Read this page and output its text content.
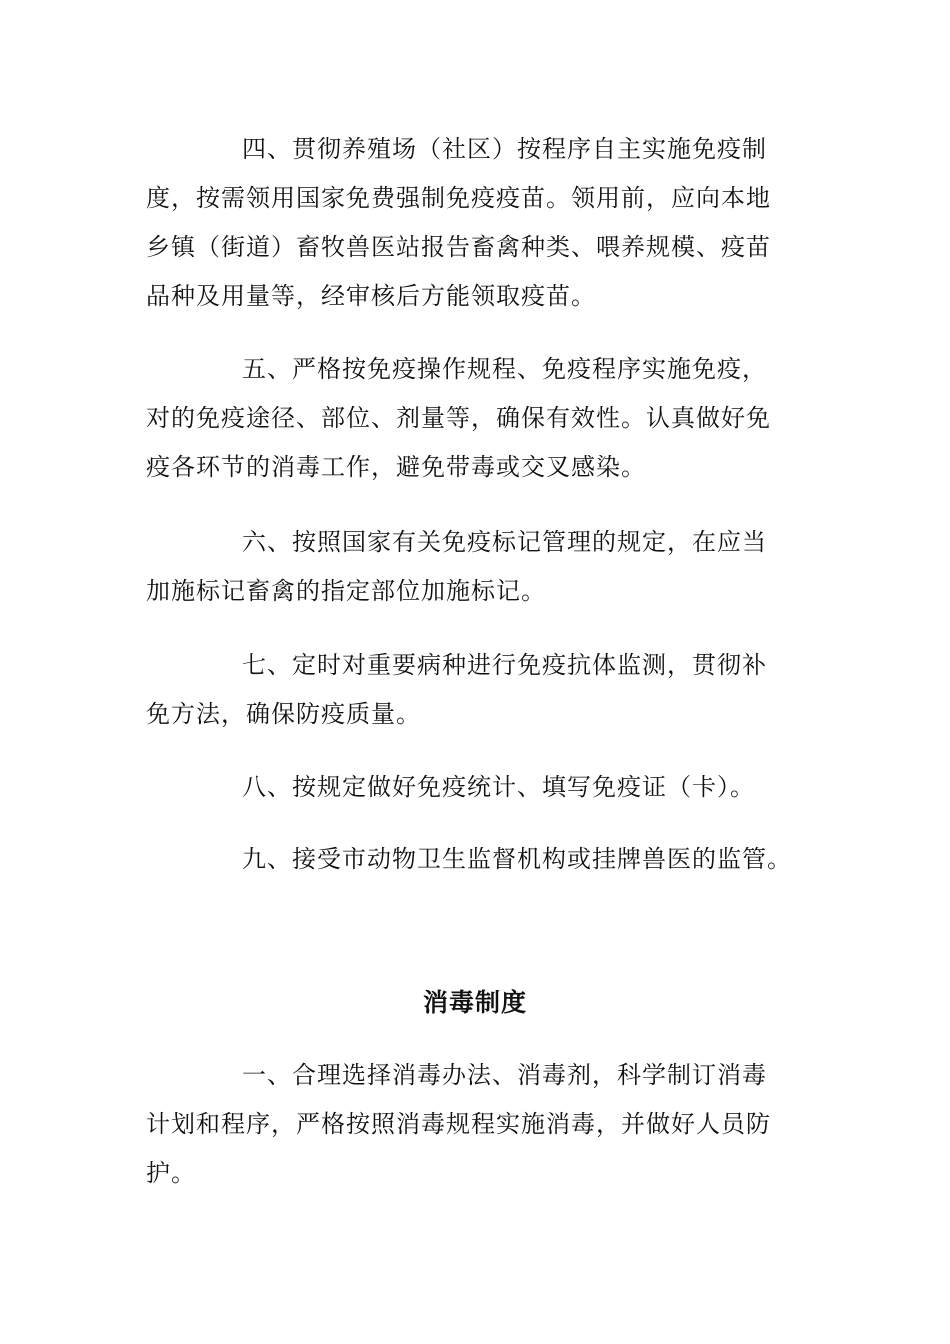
四、贯彻养殖场（社区）按程序自主实施免疫制度，按需领用国家免费强制免疫疫苗。领用前，应向本地乡镇（街道）畜牧兽医站报告畜禽种类、喂养规模、疫苗品种及用量等，经审核后方能领取疫苗。

五、严格按免疫操作规程、免疫程序实施免疫，对的免疫途径、部位、剂量等，确保有效性。认真做好免疫各环节的消毒工作，避免带毒或交叉感染。

六、按照国家有关免疫标记管理的规定，在应当加施标记畜禽的指定部位加施标记。

七、定时对重要病种进行免疫抗体监测，贯彻补免方法，确保防疫质量。

八、按规定做好免疫统计、填写免疫证（卡）。

九、接受市动物卫生监督机构或挂牌兽医的监管。

消毒制度

一、合理选择消毒办法、消毒剂，科学制订消毒计划和程序，严格按照消毒规程实施消毒，并做好人员防护。
